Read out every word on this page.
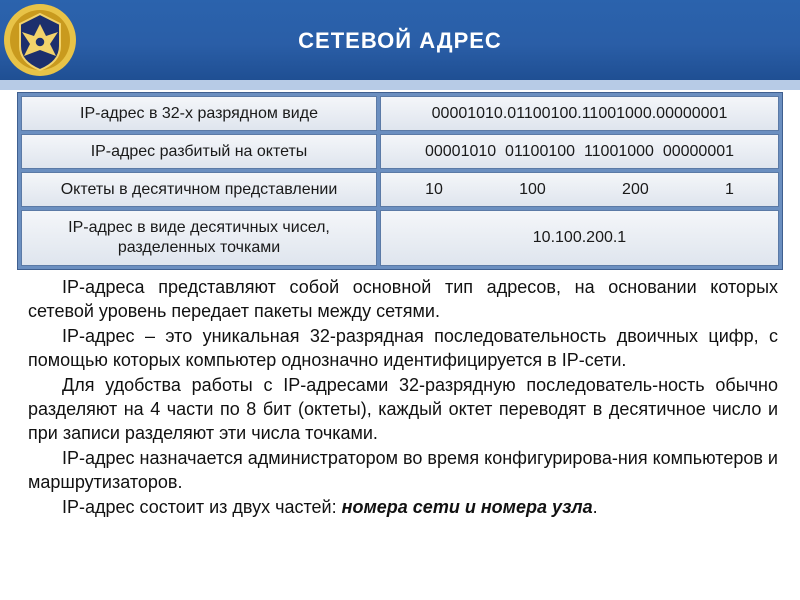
СЕТЕВОЙ АДРЕС
IP-адрес в 32-х разрядном виде	00001010.01100100.11001000.00000001
IP-адрес разбитый на октеты	00001010  01100100  11001000  00000001
Октеты в десятичном представлении	10 100 200 1

IP-адрес в виде десятичных чисел, разделенных точками	10.100.200.1

IP-адреса представляют собой основной тип адресов, на основании которых сетевой уровень передает пакеты между сетями.

IP-адрес – это уникальная 32-разрядная последовательность двоичных цифр, с помощью которых компьютер однозначно идентифицируется в IP-сети.

Для удобства работы с IP-адресами 32-разрядную последователь-ность обычно разделяют на 4 части по 8 бит (октеты), каждый октет переводят в десятичное число и при записи разделяют эти числа точками.

IP-адрес назначается администратором во время конфигурирова-ния компьютеров и маршрутизаторов.

IP-адрес состоит из двух частей: номера сети и номера узла.
